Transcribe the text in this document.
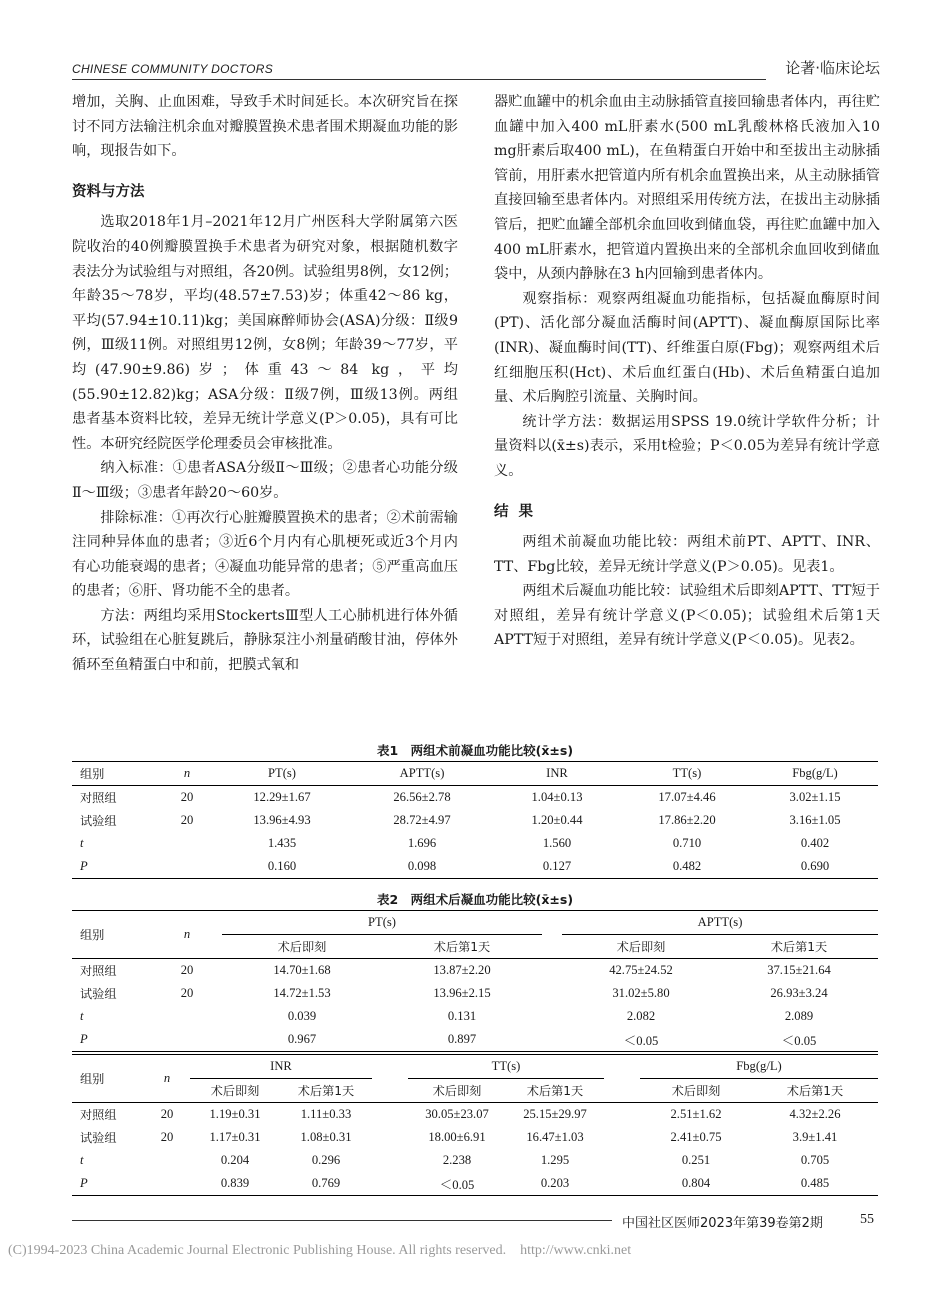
CHINESE COMMUNITY DOCTORS	论著·临床论坛

增加，关胸、止血困难，导致手术时间延长。本次研究旨在探讨不同方法输注机余血对瓣膜置换术患者围术期凝血功能的影响，现报告如下。

资料与方法

选取2018年1月–2021年12月广州医科大学附属第六医院收治的40例瓣膜置换手术患者为研究对象，根据随机数字表法分为试验组与对照组，各20例。试验组男8例，女12例；年龄35～78岁，平均(48.57±7.53)岁；体重42～86 kg，平均(57.94±10.11)kg；美国麻醉师协会(ASA)分级：Ⅱ级9例，Ⅲ级11例。对照组男12例，女8例；年龄39～77岁，平均(47.90±9.86)岁；体重43～84 kg，平均(55.90±12.82)kg；ASA分级：Ⅱ级7例，Ⅲ级13例。两组患者基本资料比较，差异无统计学意义(P＞0.05)，具有可比性。本研究经院医学伦理委员会审核批准。

纳入标准：①患者ASA分级Ⅱ～Ⅲ级；②患者心功能分级Ⅱ～Ⅲ级；③患者年龄20～60岁。

排除标准：①再次行心脏瓣膜置换术的患者；②术前需输注同种异体血的患者；③近6个月内有心肌梗死或近3个月内有心功能衰竭的患者；④凝血功能异常的患者；⑤严重高血压的患者；⑥肝、肾功能不全的患者。

方法：两组均采用StockertsⅢ型人工心肺机进行体外循环，试验组在心脏复跳后，静脉泵注小剂量硝酸甘油，停体外循环至鱼精蛋白中和前，把膜式氧和

器贮血罐中的机余血由主动脉插管直接回输患者体内，再往贮血罐中加入400 mL肝素水(500 mL乳酸林格氏液加入10 mg肝素后取400 mL)，在鱼精蛋白开始中和至拔出主动脉插管前，用肝素水把管道内所有机余血置换出来，从主动脉插管直接回输至患者体内。对照组采用传统方法，在拔出主动脉插管后，把贮血罐全部机余血回收到储血袋，再往贮血罐中加入400 mL肝素水，把管道内置换出来的全部机余血回收到储血袋中，从颈内静脉在3 h内回输到患者体内。

观察指标：观察两组凝血功能指标，包括凝血酶原时间(PT)、活化部分凝血活酶时间(APTT)、凝血酶原国际比率(INR)、凝血酶时间(TT)、纤维蛋白原(Fbg)；观察两组术后红细胞压积(Hct)、术后血红蛋白(Hb)、术后鱼精蛋白追加量、术后胸腔引流量、关胸时间。

统计学方法：数据运用SPSS 19.0统计学软件分析；计量资料以(x̄±s)表示，采用t检验；P＜0.05为差异有统计学意义。

结果

两组术前凝血功能比较：两组术前PT、APTT、INR、TT、Fbg比较，差异无统计学意义(P＞0.05)。见表1。

两组术后凝血功能比较：试验组术后即刻APTT、TT短于对照组，差异有统计学意义(P＜0.05)；试验组术后第1天APTT短于对照组，差异有统计学意义(P＜0.05)。见表2。

表1　两组术前凝血功能比较(x̄±s)
组别	n	PT(s)	APTT(s)	INR	TT(s)	Fbg(g/L)
对照组	20	12.29±1.67	26.56±2.78	1.04±0.13	17.07±4.46	3.02±1.15
试验组	20	13.96±4.93	28.72±4.97	1.20±0.44	17.86±2.20	3.16±1.05
t		1.435	1.696	1.560	0.710	0.402
P		0.160	0.098	0.127	0.482	0.690
表2　两组术后凝血功能比较(x̄±s)
组别	n	PT(s)			APTT(s)	
		术后即刻	术后第1天		术后即刻	术后第1天
对照组	20	14.70±1.68	13.87±2.20		42.75±24.52	37.15±21.64
试验组	20	14.72±1.53	13.96±2.15		31.02±5.80	26.93±3.24
t		0.039	0.131		2.082	2.089
P		0.967	0.897		＜0.05	＜0.05
组别	n	INR			TT(s)			Fbg(g/L)	
		术后即刻	术后第1天		术后即刻	术后第1天		术后即刻	术后第1天
对照组	20	1.19±0.31	1.11±0.33		30.05±23.07	25.15±29.97		2.51±1.62	4.32±2.26
试验组	20	1.17±0.31	1.08±0.31		18.00±6.91	16.47±1.03		2.41±0.75	3.9±1.41
t		0.204	0.296		2.238	1.295		0.251	0.705
P		0.839	0.769		＜0.05	0.203		0.804	0.485
中国社区医师2023年第39卷第2期	55
(C)1994-2023 China Academic Journal Electronic Publishing House. All rights reserved.    http://www.cnki.net
